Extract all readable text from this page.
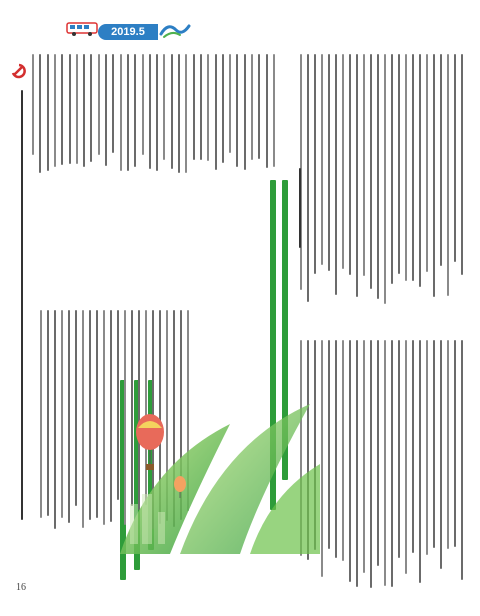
2019.5
16
